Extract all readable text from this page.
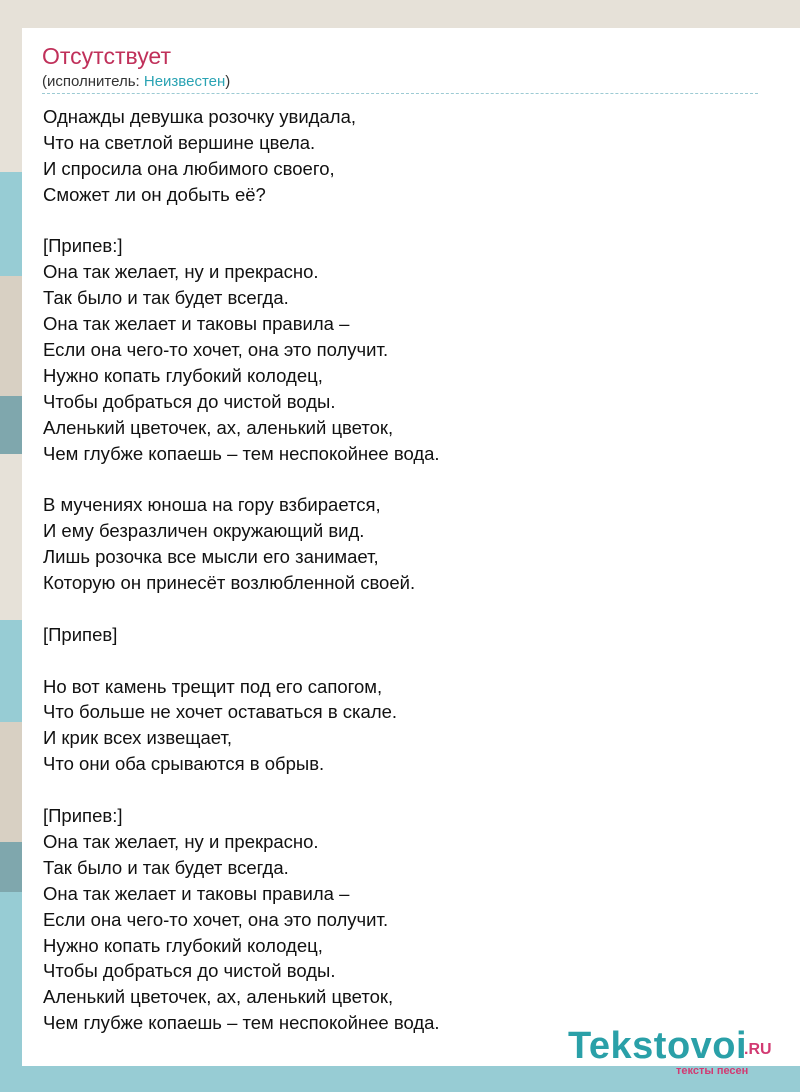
Отсутствует
(исполнитель: Неизвестен)
Однажды девушка розочку увидала,
Что на светлой вершине цвела.
И спросила она любимого своего,
Сможет ли он добыть её?
[Припев:]
Она так желает, ну и прекрасно.
Так было и так будет всегда.
Она так желает и таковы правила –
Если она чего-то хочет, она это получит.
Нужно копать глубокий колодец,
Чтобы добраться до чистой воды.
Аленький цветочек, ах, аленький цветок,
Чем глубже копаешь – тем неспокойнее вода.
В мучениях юноша на гору взбирается,
И ему безразличен окружающий вид.
Лишь розочка все мысли его занимает,
Которую он принесёт возлюбленной своей.
[Припев]
Но вот камень трещит под его сапогом,
Что больше не хочет оставаться в скале.
И крик всех извещает,
Что они оба срываются в обрыв.
[Припев:]
Она так желает, ну и прекрасно.
Так было и так будет всегда.
Она так желает и таковы правила –
Если она чего-то хочет, она это получит.
Нужно копать глубокий колодец,
Чтобы добраться до чистой воды.
Аленький цветочек, ах, аленький цветок,
Чем глубже копаешь – тем неспокойнее вода.
Tekstovoi
.RU
тексты песен
